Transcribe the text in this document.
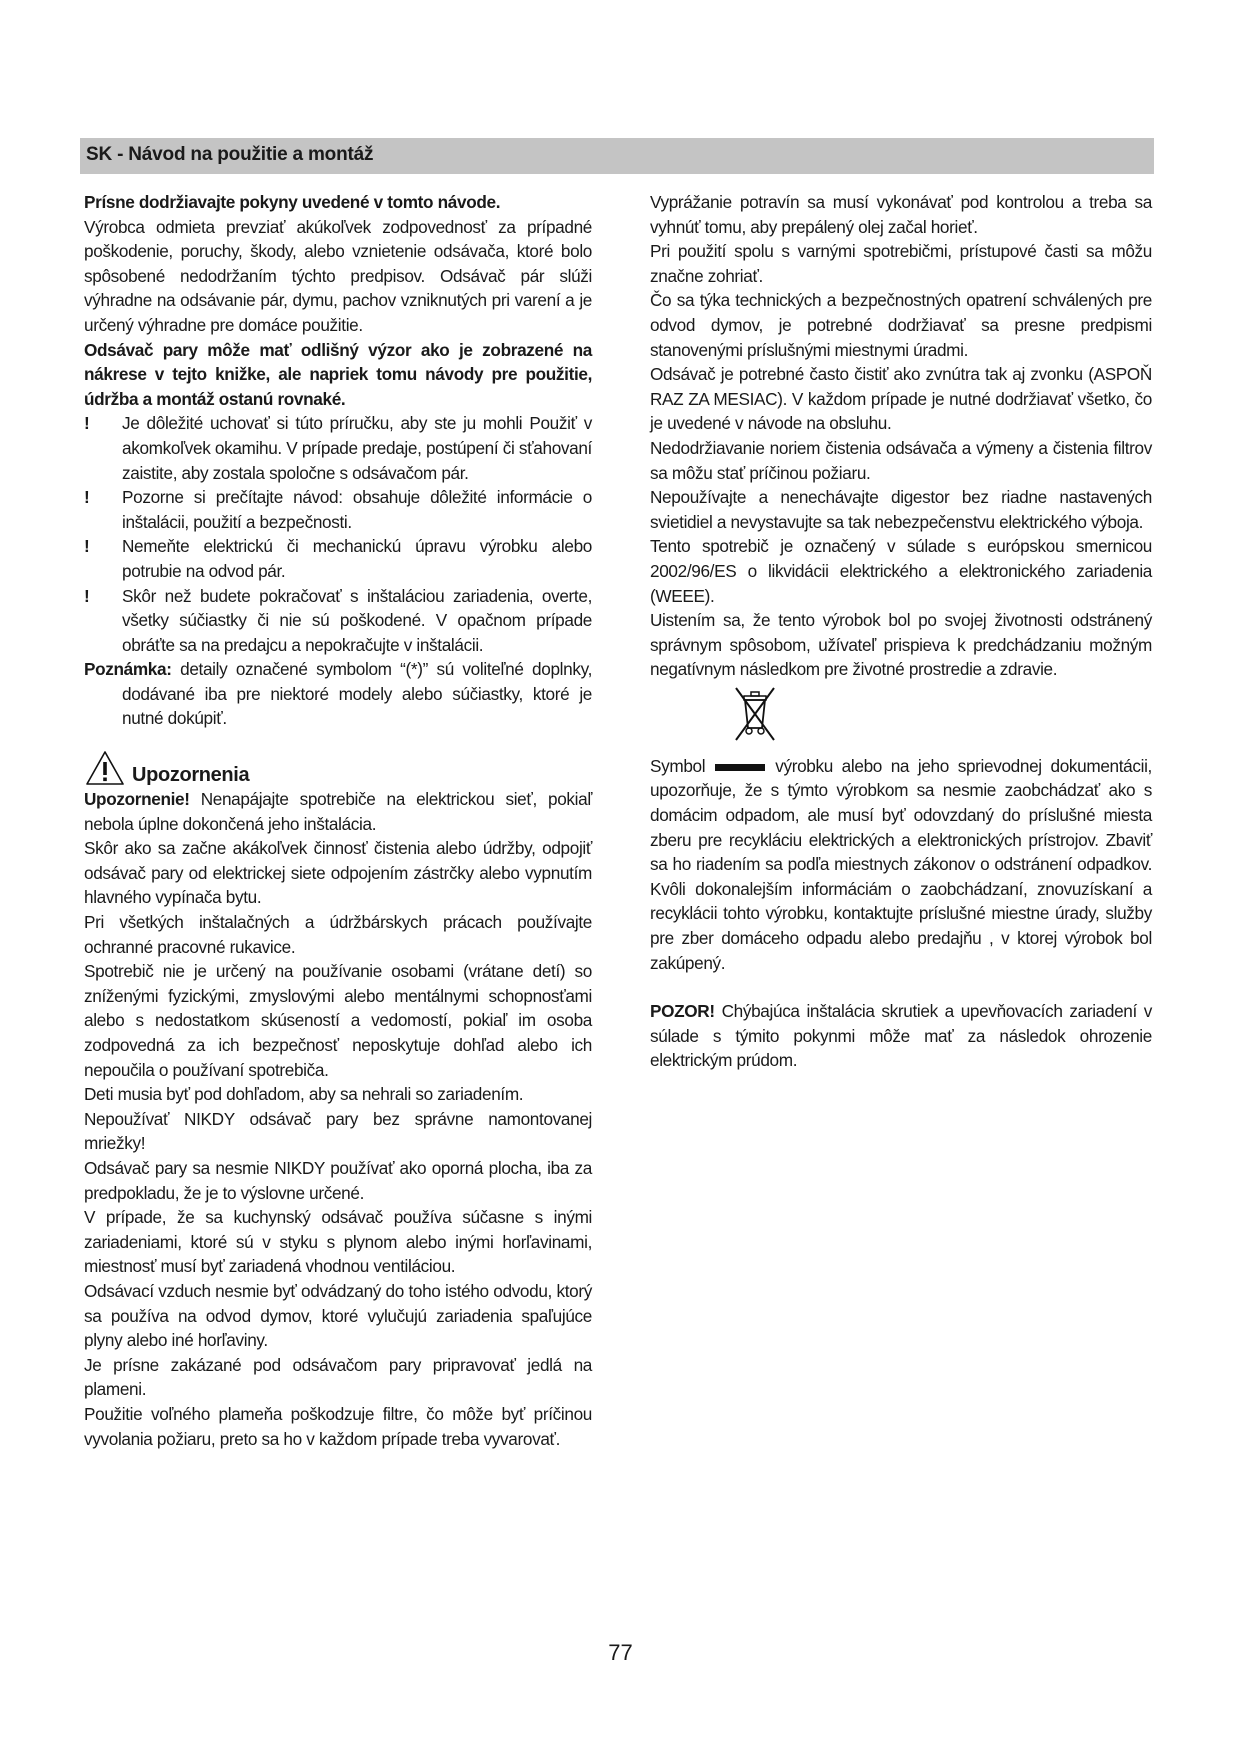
SK - Návod na použitie a montáž

Prísne dodržiavajte pokyny uvedené v tomto návode.

Výrobca odmieta prevziať akúkoľvek zodpovednosť za prípadné poškodenie, poruchy, škody, alebo vznietenie odsávača, ktoré bolo spôsobené nedodržaním týchto predpisov. Odsávač pár slúži výhradne na odsávanie pár, dymu, pachov vzniknutých pri varení a je určený výhradne pre domáce použitie.

Odsávač pary môže mať odlišný výzor ako je zobrazené na nákrese v tejto knižke, ale napriek tomu návody pre použitie, údržba a montáž ostanú rovnaké.

!	Je dôležité uchovať si túto príručku, aby ste ju mohli Použiť v akomkoľvek okamihu. V prípade predaje, postúpení či sťahovaní zaistite, aby zostala spoločne s odsávačom pár.
!	Pozorne si prečítajte návod: obsahuje dôležité informácie o inštalácii, použití a bezpečnosti.
!	Nemeňte elektrickú či mechanickú úpravu výrobku alebo potrubie na odvod pár.
!	Skôr než budete pokračovať s inštaláciou zariadenia, overte, všetky súčiastky či nie sú poškodené. V opačnom prípade obráťte sa na predajcu a nepokračujte v inštalácii.

Poznámka: detaily označené symbolom “(*)” sú voliteľné doplnky, dodávané iba pre niektoré modely alebo súčiastky, ktoré je nutné dokúpiť.

Upozornenia

Upozornenie! Nenapájajte spotrebiče na elektrickou sieť, pokiaľ nebola úplne dokončená jeho inštalácia.

Skôr ako sa začne akákoľvek činnosť čistenia alebo údržby, odpojiť odsávač pary od elektrickej siete odpojením zástrčky alebo vypnutím hlavného vypínača bytu.

Pri všetkých inštalačných a údržbárskych prácach používajte ochranné pracovné rukavice.

Spotrebič nie je určený na používanie osobami (vrátane detí) so zníženými fyzickými, zmyslovými alebo mentálnymi schopnosťami alebo s nedostatkom skúseností a vedomostí, pokiaľ im osoba zodpovedná za ich bezpečnosť neposkytuje dohľad alebo ich nepoučila o používaní spotrebiča.

Deti musia byť pod dohľadom, aby sa nehrali so zariadením.

Nepoužívať NIKDY odsávač pary bez správne namontovanej mriežky!

Odsávač pary sa nesmie NIKDY používať ako oporná plocha, iba za predpokladu, že je to výslovne určené.

V prípade, že sa kuchynský odsávač používa súčasne s inými zariadeniami, ktoré sú v styku s plynom alebo inými horľavinami, miestnosť musí byť zariadená vhodnou ventiláciou.

Odsávací vzduch nesmie byť odvádzaný do toho istého odvodu, ktorý sa používa na odvod dymov, ktoré vylučujú zariadenia spaľujúce plyny alebo iné horľaviny.

Je prísne zakázané pod odsávačom pary pripravovať jedlá na plameni.

Použitie voľného plameňa poškodzuje filtre, čo môže byť príčinou vyvolania požiaru, preto sa ho v každom prípade treba vyvarovať.

Vyprážanie potravín sa musí vykonávať pod kontrolou a treba sa vyhnúť tomu, aby prepálený olej začal horieť.

Pri použití spolu s varnými spotrebičmi, prístupové časti sa môžu značne zohriať.

Čo sa týka technických a bezpečnostných opatrení schválených pre odvod dymov, je potrebné dodržiavať sa presne predpismi stanovenými príslušnými miestnymi úradmi.

Odsávač je potrebné často čistiť ako zvnútra tak aj zvonku (ASPOŇ RAZ ZA MESIAC). V každom prípade je nutné dodržiavať všetko, čo je uvedené v návode na obsluhu.

Nedodržiavanie noriem čistenia odsávača a výmeny a čistenia filtrov sa môžu stať príčinou požiaru.

Nepoužívajte a nenechávajte digestor bez riadne nastavených svietidiel a nevystavujte sa tak nebezpečenstvu elektrického výboja.

Tento spotrebič je označený v súlade s európskou smernicou 2002/96/ES o likvidácii elektrického a elektronického zariadenia (WEEE).

Uistením sa, že tento výrobok bol po svojej životnosti odstránený správnym spôsobom, užívateľ prispieva k predchádzaniu možným negatívnym následkom pre životné prostredie a zdravie.

Symbol	výrobku alebo na jeho sprievodnej dokumentácii, upozorňuje, že s týmto výrobkom sa nesmie zaobchádzať ako s domácim odpadom, ale musí byť odovzdaný do príslušné miesta zberu pre recykláciu elektrických a elektronických prístrojov. Zbaviť sa ho riadením sa podľa miestnych zákonov o odstránení odpadkov. Kvôli dokonalejším informáciám o zaobchádzaní, znovuzískaní a recyklácii tohto výrobku, kontaktujte príslušné miestne úrady, služby pre zber domáceho odpadu alebo predajňu , v ktorej výrobok bol zakúpený.

POZOR! Chýbajúca inštalácia skrutiek a upevňovacích zariadení v súlade s týmito pokynmi môže mať za následok ohrozenie elektrickým prúdom.

77
